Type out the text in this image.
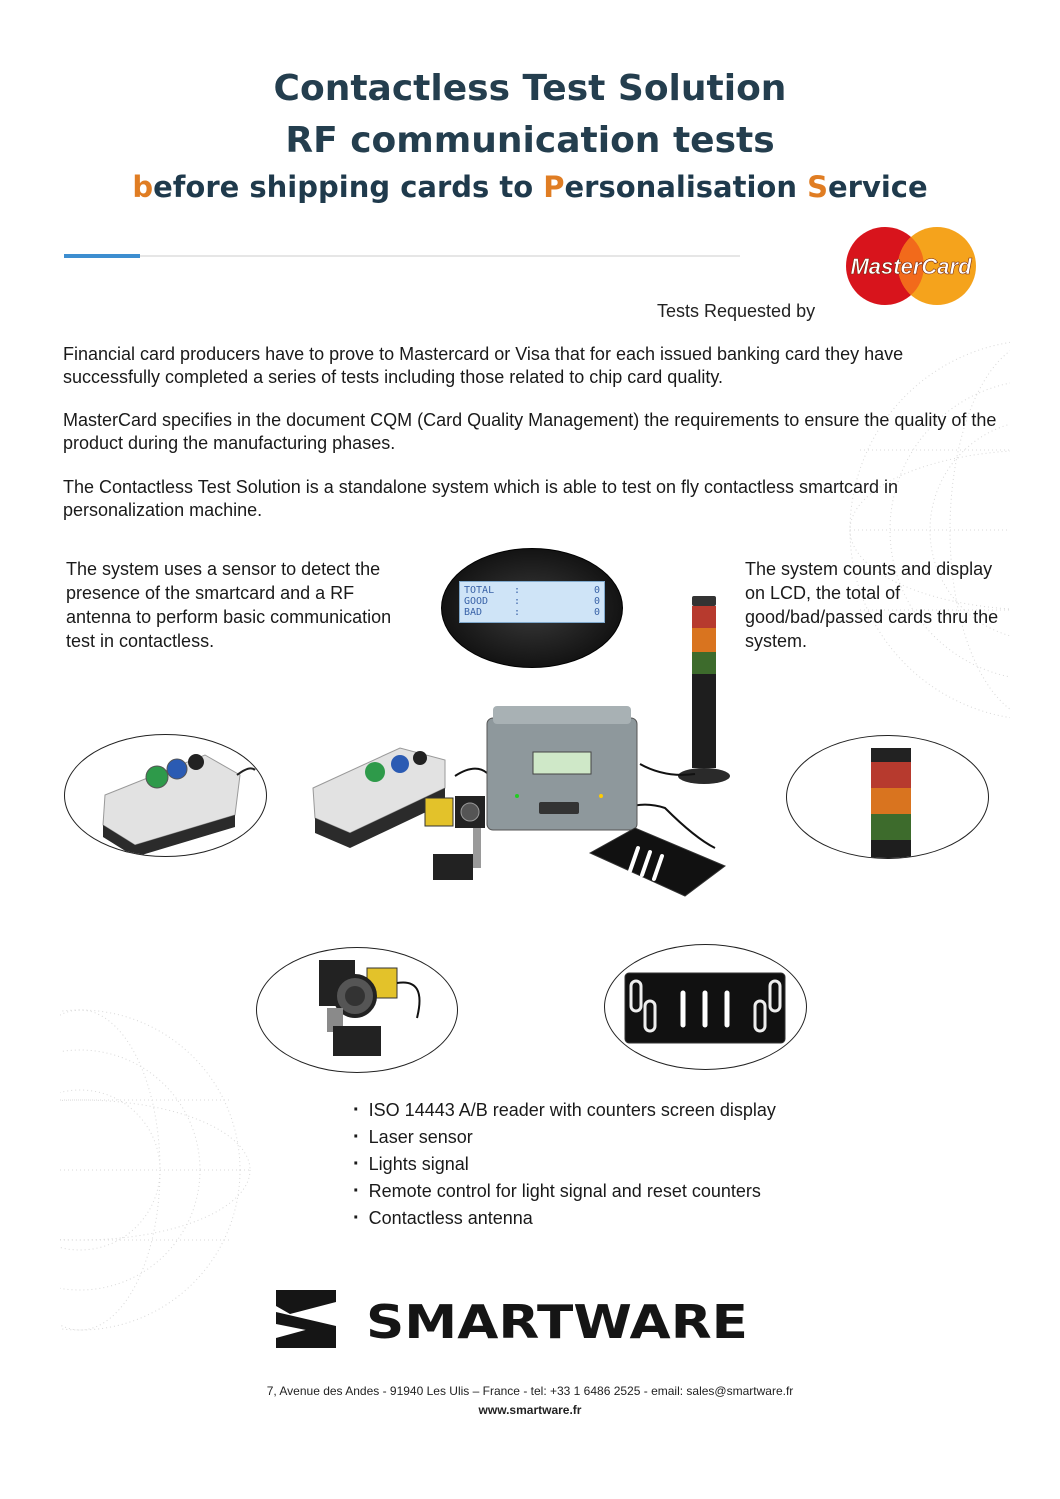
Contactless Test Solution
RF communication tests
before shipping cards to Personalisation Service
MasterCard
Tests Requested by
Financial card producers have to prove to Mastercard or Visa that for each issued banking card they have successfully completed a series of tests including those related to chip card quality.
MasterCard specifies in the document CQM (Card Quality Management) the requirements to ensure the quality of the product during the manufacturing phases.
The Contactless Test Solution is a standalone system which is able to test on fly contactless smartcard in personalization machine.
The system uses a sensor to detect the presence of the smartcard and a RF antenna to perform basic communication test in contactless.
The system counts and display on LCD, the total of good/bad/passed cards thru the system.
TOTAL	:	0
GOOD	:	0
BAD	:	0
· ISO 14443 A/B reader with counters screen display
· Laser sensor
· Lights signal
· Remote control for light signal and reset counters
· Contactless antenna
SMARTWARE
7, Avenue des Andes - 91940 Les Ulis – France - tel: +33 1 6486 2525 - email: sales@smartware.fr
www.smartware.fr
